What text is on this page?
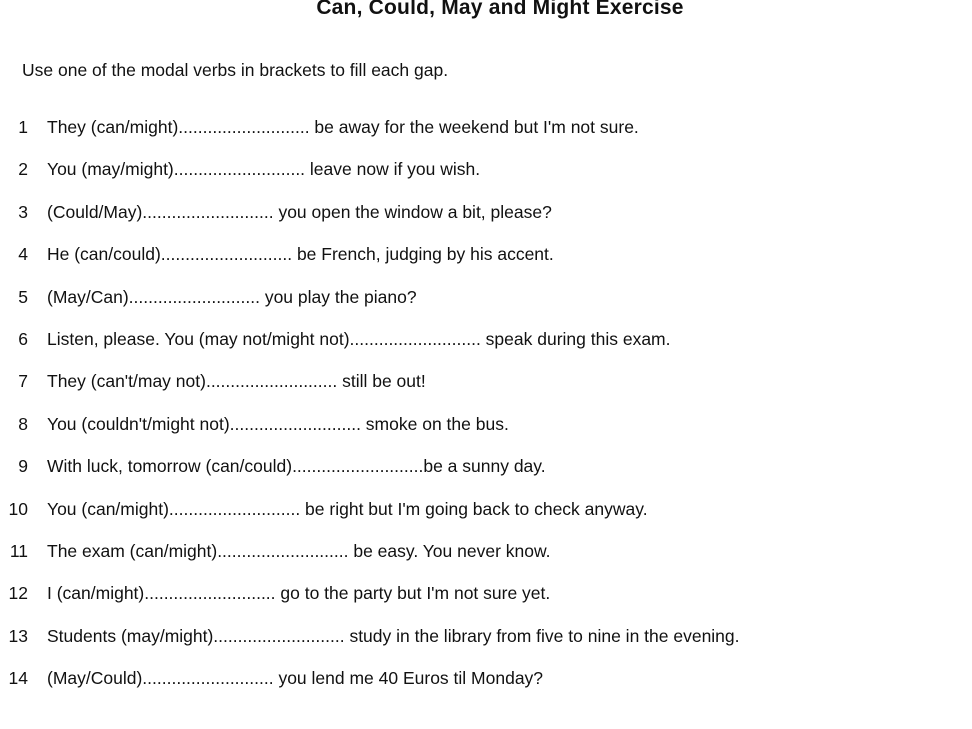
Can, Could, May and Might Exercise
Use one of the modal verbs in brackets to fill each gap.
1	They (can/might)........................... be away for the weekend but I'm not sure.
2	You (may/might)........................... leave now if you wish.
3	(Could/May)........................... you open the window a bit, please?
4	He (can/could)........................... be French, judging by his accent.
5	(May/Can)........................... you play the piano?
6	Listen, please. You (may not/might not)........................... speak during this exam.
7	They (can't/may not)........................... still be out!
8	You (couldn't/might not)........................... smoke on the bus.
9	With luck, tomorrow (can/could)...........................be a sunny day.
10	You (can/might)........................... be right but I'm going back to check anyway.
11	The exam (can/might)........................... be easy. You never know.
12	I (can/might)........................... go to the party but I'm not sure yet.
13	Students (may/might)........................... study in the library from five to nine in the evening.
14	(May/Could)........................... you lend me 40 Euros til Monday?
